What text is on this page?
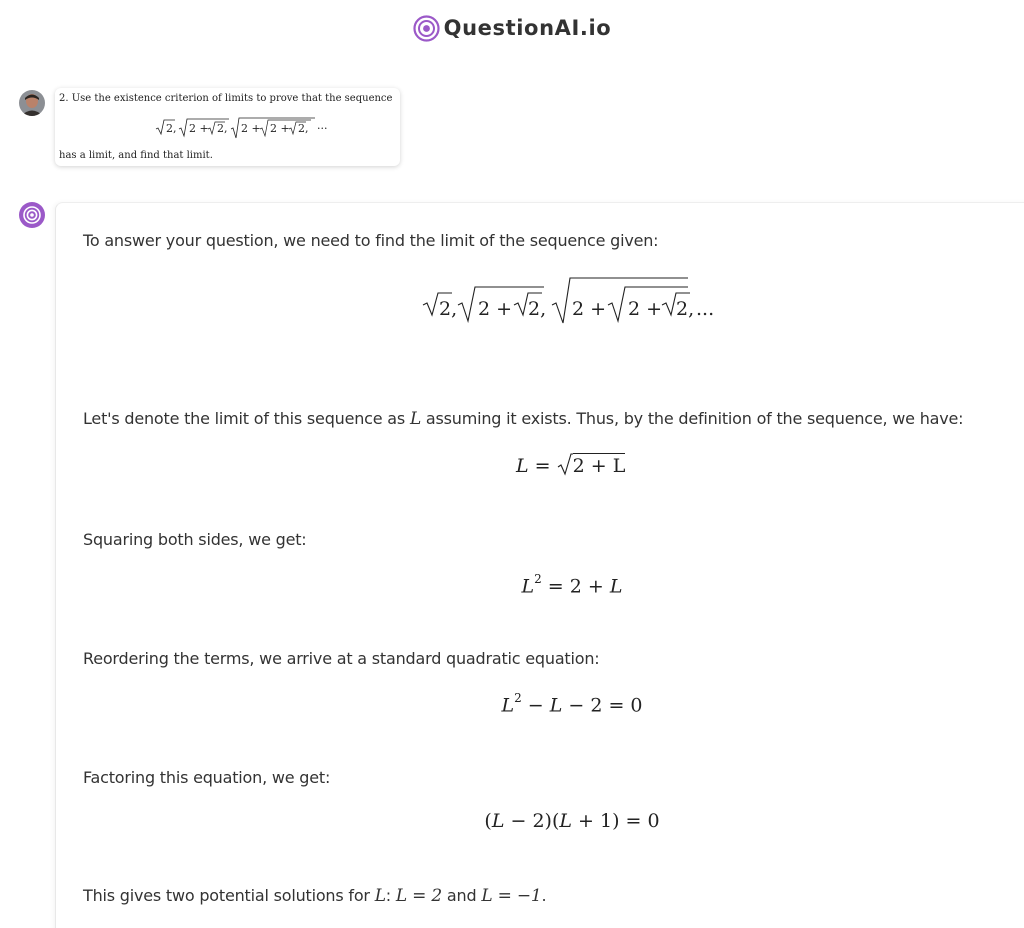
QuestionAI.io
2. Use the existence criterion of limits to prove that the sequence
2, 2 + 2, 2 + 2 + 2, ···
has a limit, and find that limit.
To answer your question, we need to find the limit of the sequence given:
2, 2 + 2, 2 + 2 + 2, ...
Let's denote the limit of this sequence as L assuming it exists. Thus, by the definition of the sequence, we have:
L = 2 + L
Squaring both sides, we get:
$L^2 = 2 + L$
Reordering the terms, we arrive at a standard quadratic equation:
$L^2 - L - 2 = 0$
Factoring this equation, we get:
(L − 2)(L + 1) = 0
This gives two potential solutions for L: L = 2 and L = −1.
